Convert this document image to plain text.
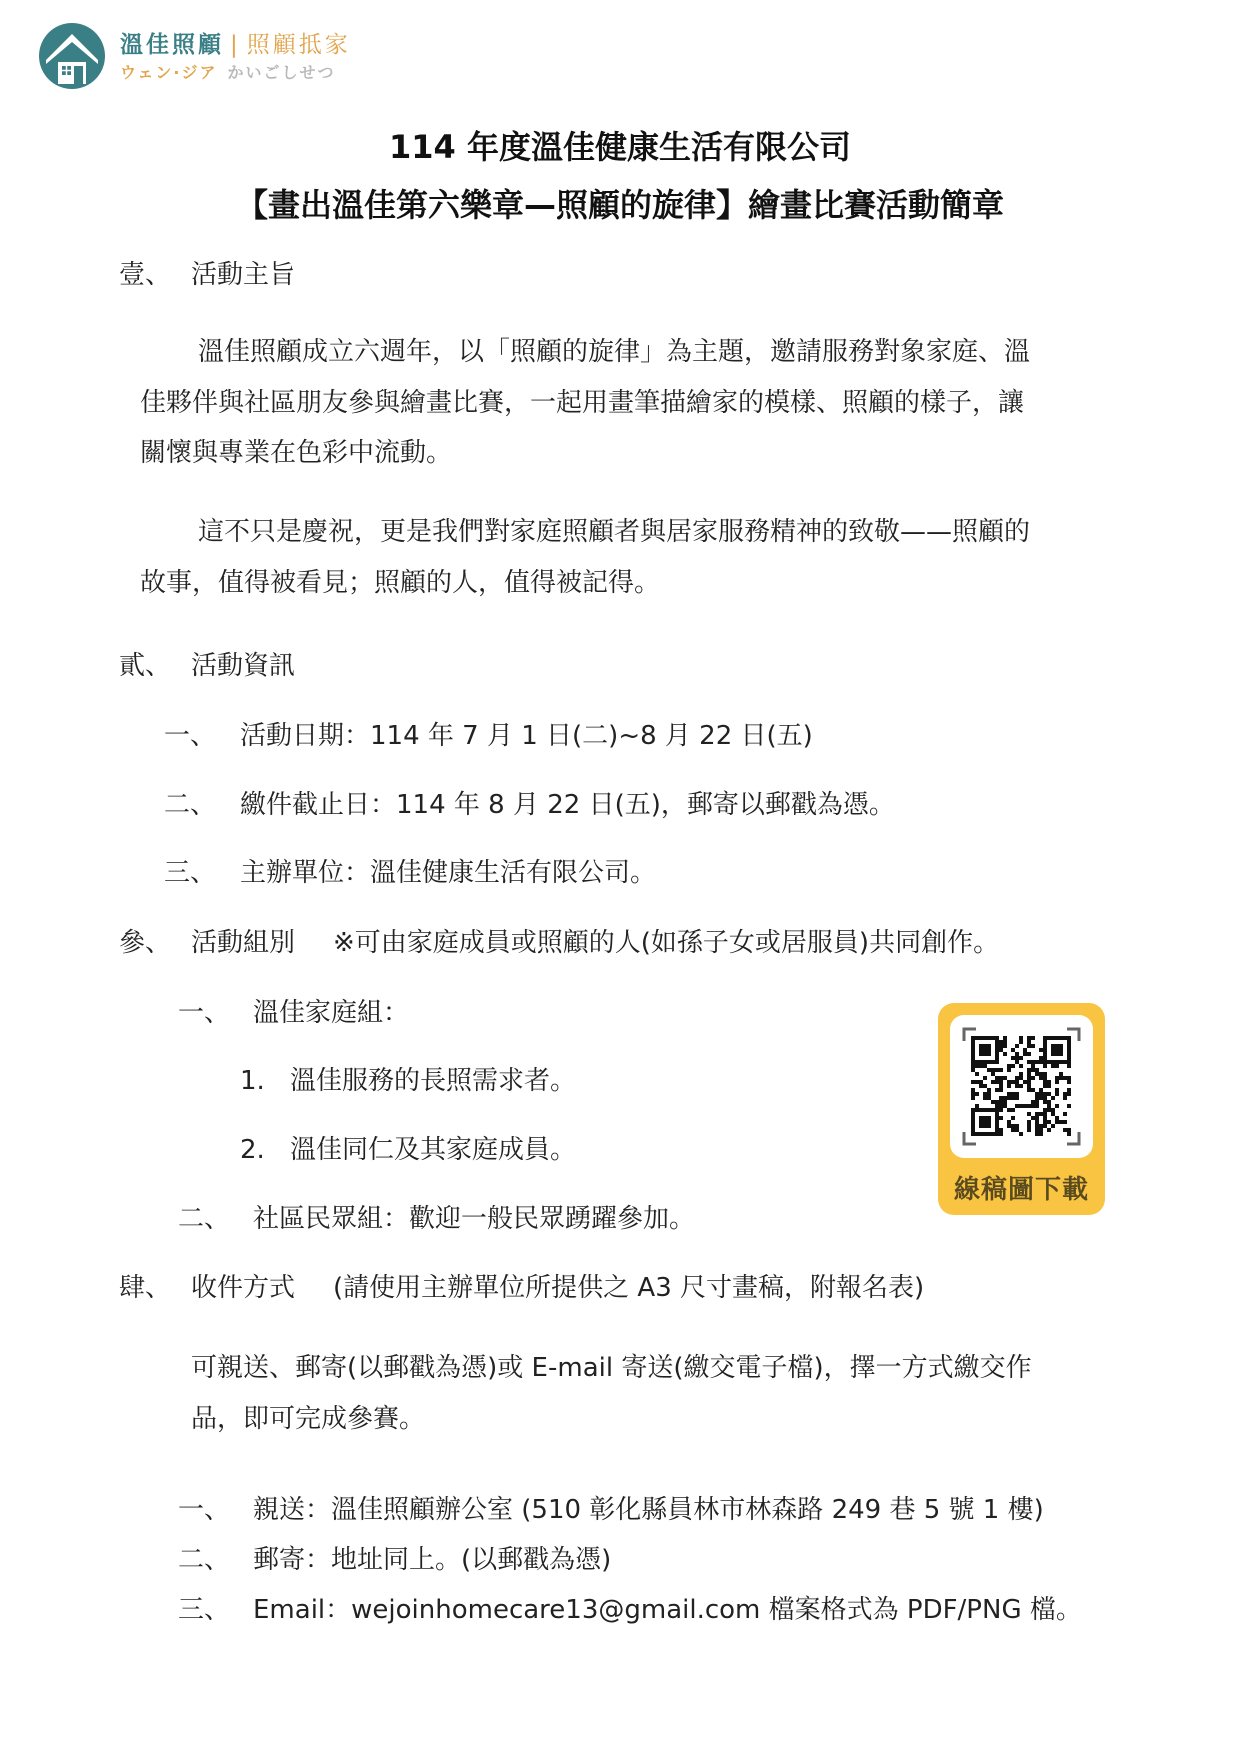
溫佳照顧 | 照顧抵家
ウェン·ジア かいごしせつ
114 年度溫佳健康生活有限公司
【畫出溫佳第六樂章—照顧的旋律】繪畫比賽活動簡章
壹、 活動主旨
溫佳照顧成立六週年，以「照顧的旋律」為主題，邀請服務對象家庭、溫
佳夥伴與社區朋友參與繪畫比賽，一起用畫筆描繪家的模樣、照顧的樣子，讓
關懷與專業在色彩中流動。
這不只是慶祝，更是我們對家庭照顧者與居家服務精神的致敬——照顧的
故事，值得被看見；照顧的人，值得被記得。
貳、 活動資訊
一、 活動日期：114 年 7 月 1 日(二)~8 月 22 日(五)
二、 繳件截止日：114 年 8 月 22 日(五)，郵寄以郵戳為憑。
三、 主辦單位：溫佳健康生活有限公司。
參、 活動組別 ※可由家庭成員或照顧的人(如孫子女或居服員)共同創作。
一、 溫佳家庭組：
1. 溫佳服務的長照需求者。
2. 溫佳同仁及其家庭成員。
二、 社區民眾組：歡迎一般民眾踴躍參加。
線稿圖下載
肆、 收件方式 (請使用主辦單位所提供之 A3 尺寸畫稿，附報名表)
可親送、郵寄(以郵戳為憑)或 E-mail 寄送(繳交電子檔)，擇一方式繳交作
品，即可完成參賽。
一、 親送：溫佳照顧辦公室 (510 彰化縣員林市林森路 249 巷 5 號 1 樓)
二、 郵寄：地址同上。(以郵戳為憑)
三、 Email：wejoinhomecare13@gmail.com 檔案格式為 PDF/PNG 檔。
